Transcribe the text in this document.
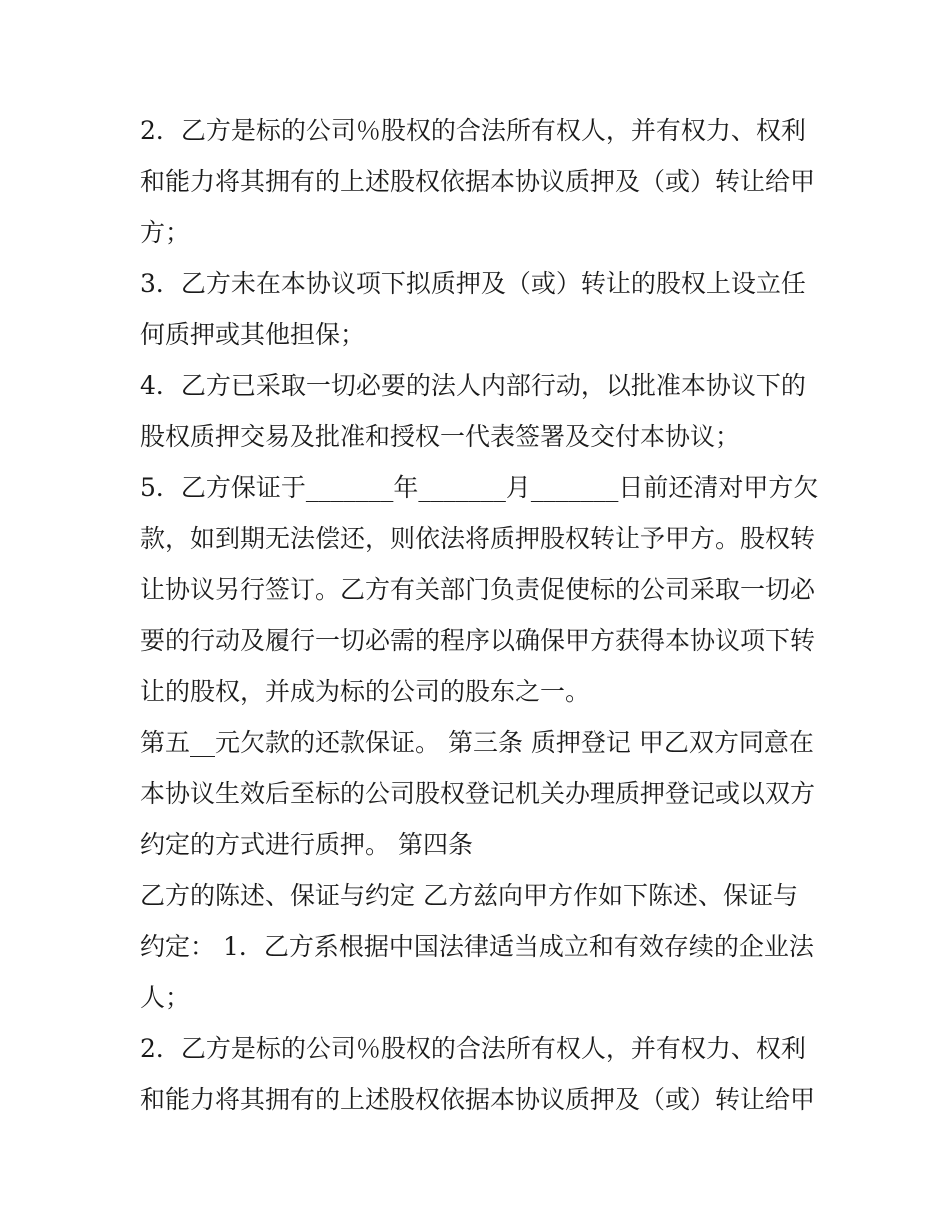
2．乙方是标的公司％股权的合法所有权人，并有权力、权利
和能力将其拥有的上述股权依据本协议质押及（或）转让给甲
方；
3．乙方未在本协议项下拟质押及（或）转让的股权上设立任
何质押或其他担保；
4．乙方已采取一切必要的法人内部行动，以批准本协议下的
股权质押交易及批准和授权一代表签署及交付本协议；
5．乙方保证于_______年_______月_______日前还清对甲方欠
款，如到期无法偿还，则依法将质押股权转让予甲方。股权转
让协议另行签订。乙方有关部门负责促使标的公司采取一切必
要的行动及履行一切必需的程序以确保甲方获得本协议项下转
让的股权，并成为标的公司的股东之一。
第五__元欠款的还款保证。 第三条 质押登记 甲乙双方同意在
本协议生效后至标的公司股权登记机关办理质押登记或以双方
约定的方式进行质押。 第四条
乙方的陈述、保证与约定 乙方兹向甲方作如下陈述、保证与
约定： 1．乙方系根据中国法律适当成立和有效存续的企业法
人；
2．乙方是标的公司％股权的合法所有权人，并有权力、权利
和能力将其拥有的上述股权依据本协议质押及（或）转让给甲
